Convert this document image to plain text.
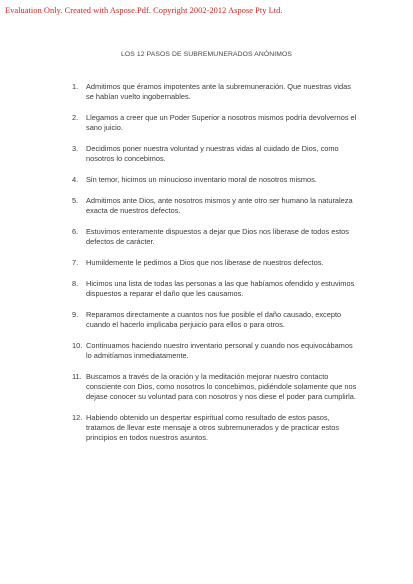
Evaluation Only. Created with Aspose.Pdf. Copyright 2002-2012 Aspose Pty Ltd.
LOS 12 PASOS DE SUBREMUNERADOS ANÓNIMOS
1.	Admitimos que éramos impotentes ante la subremuneración. Que nuestras vidas se habían vuelto ingobernables.
2.	Llegamos a creer que un Poder Superior a nosotros mismos podría devolvernos el sano juicio.
3.	Decidimos poner nuestra voluntad y nuestras vidas al cuidado de Dios, como nosotros lo concebimos.
4.	Sin temor, hicimos un minucioso inventario moral de nosotros mismos.
5.	Admitimos ante Dios, ante nosotros mismos y ante otro ser humano la naturaleza exacta de nuestros defectos.
6.	Estuvimos enteramente dispuestos a dejar que Dios nos liberase de todos estos defectos de carácter.
7.	Humildemente le pedimos a Dios que nos liberase de nuestros defectos.
8.	Hicimos una lista de todas las personas a las que habíamos ofendido y estuvimos dispuestos a reparar el daño que les causamos.
9.	Reparamos directamente a cuantos nos fue posible el daño causado, excepto cuando el hacerlo implicaba perjuicio para ellos o para otros.
10. Continuamos haciendo nuestro inventario personal y cuando nos equivocábamos lo admitíamos inmediatamente.
11. Buscamos a través de la oración y la meditación mejorar nuestro contacto consciente con Dios, como nosotros lo concebimos, pidiéndole solamente que nos dejase conocer su voluntad para con nosotros y nos diese el poder para cumplirla.
12. Habiendo obtenido un despertar espiritual como resultado de estos pasos, tratamos de llevar este mensaje a otros subremunerados y de practicar estos principios en todos nuestros asuntos.
